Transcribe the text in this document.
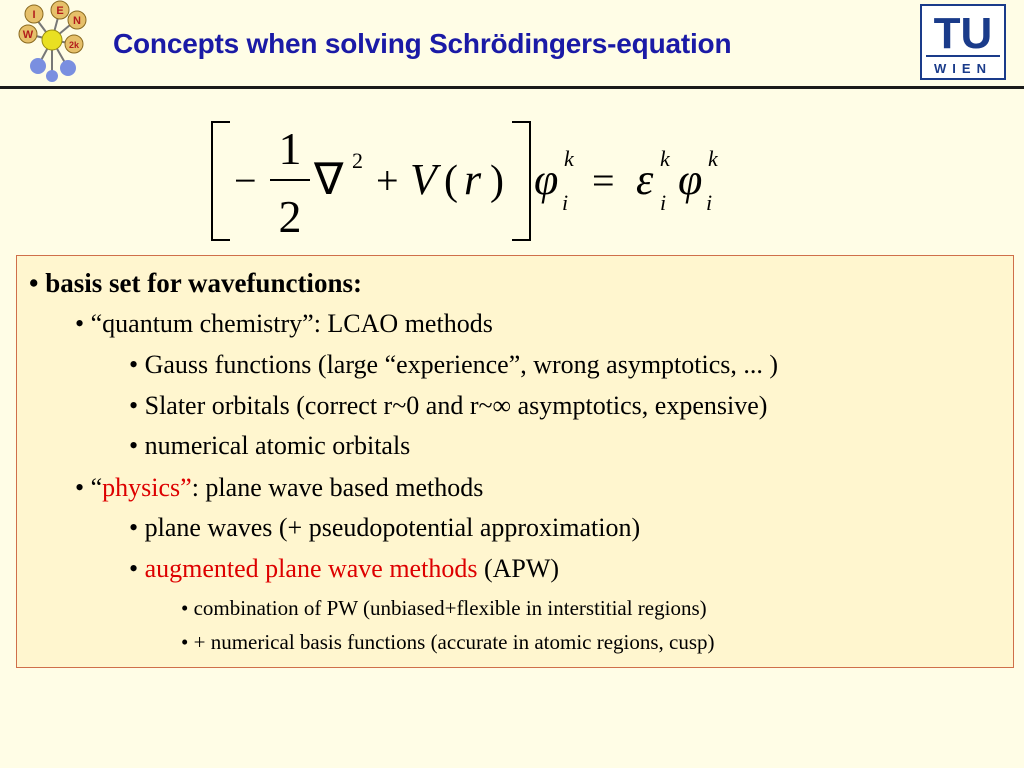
I E
N
W
2k Concepts when solving Schrödingers-equation	TU
WIEN
−
1
2
∇ 2 + V ( r ) φ k
i = ε k
i φ k
i
• basis set for wavefunctions:
• “quantum chemistry”: LCAO methods
• Gauss functions (large “experience”, wrong asymptotics, ... )
• Slater orbitals (correct r~0 and r~∞ asymptotics, expensive)
• numerical atomic orbitals
• “physics”: plane wave based methods
• plane waves (+ pseudopotential approximation)
• augmented plane wave methods (APW)
• combination of PW (unbiased+flexible in interstitial regions)
• + numerical basis functions (accurate in atomic regions, cusp)
